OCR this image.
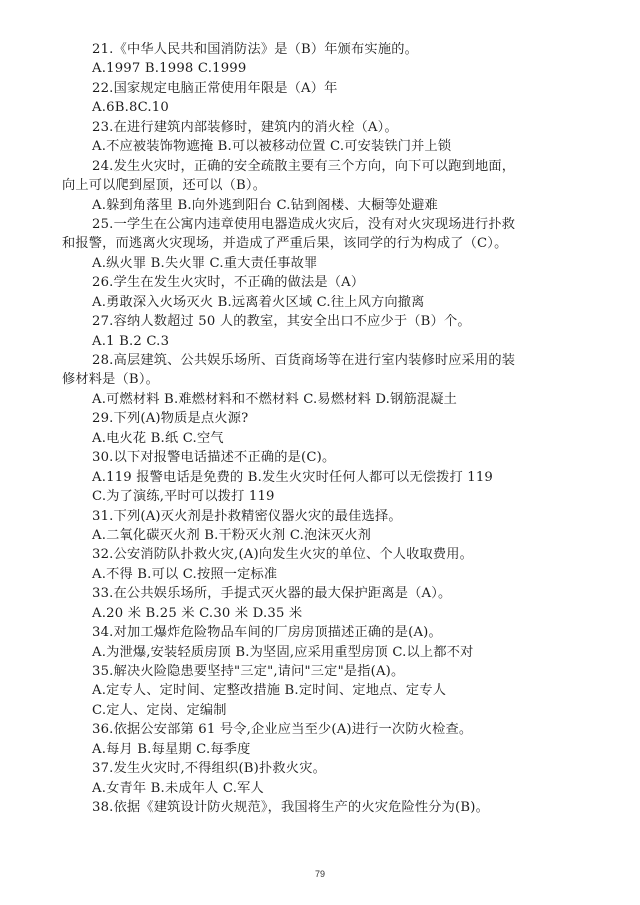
21.《中华人民共和国消防法》是（B）年颁布实施的。
A.1997 B.1998 C.1999
22.国家规定电脑正常使用年限是（A）年
A.6B.8C.10
23.在进行建筑内部装修时，建筑内的消火栓（A）。
A.不应被装饰物遮掩 B.可以被移动位置 C.可安装铁门并上锁
24.发生火灾时，正确的安全疏散主要有三个方向，向下可以跑到地面，
向上可以爬到屋顶，还可以（B）。
A.躲到角落里 B.向外逃到阳台 C.钻到阁楼、大橱等处避难
25.一学生在公寓内违章使用电器造成火灾后，没有对火灾现场进行扑救
和报警，而逃离火灾现场，并造成了严重后果，该同学的行为构成了（C）。
A.纵火罪 B.失火罪 C.重大责任事故罪
26.学生在发生火灾时，不正确的做法是（A）
A.勇敢深入火场灭火 B.远离着火区域 C.往上风方向撤离
27.容纳人数超过 50 人的教室，其安全出口不应少于（B）个。
A.1 B.2 C.3
28.高层建筑、公共娱乐场所、百货商场等在进行室内装修时应采用的装
修材料是（B）。
A.可燃材料 B.难燃材料和不燃材料 C.易燃材料 D.钢筋混凝土
29.下列(A)物质是点火源?
A.电火花 B.纸 C.空气
30.以下对报警电话描述不正确的是(C)。
A.119 报警电话是免费的 B.发生火灾时任何人都可以无偿拨打 119
C.为了演练,平时可以拨打 119
31.下列(A)灭火剂是扑救精密仪器火灾的最佳选择。
A.二氧化碳灭火剂 B.干粉灭火剂 C.泡沫灭火剂
32.公安消防队扑救火灾,(A)向发生火灾的单位、个人收取费用。
A.不得 B.可以 C.按照一定标准
33.在公共娱乐场所，手提式灭火器的最大保护距离是（A）。
A.20 米 B.25 米 C.30 米 D.35 米
34.对加工爆炸危险物品车间的厂房房顶描述正确的是(A)。
A.为泄爆,安装轻质房顶 B.为坚固,应采用重型房顶 C.以上都不对
35.解决火险隐患要坚持"三定",请问"三定"是指(A)。
A.定专人、定时间、定整改措施 B.定时间、定地点、定专人
C.定人、定岗、定编制
36.依据公安部第 61 号令,企业应当至少(A)进行一次防火检查。
A.每月 B.每星期 C.每季度
37.发生火灾时,不得组织(B)扑救火灾。
A.女青年 B.未成年人 C.军人
38.依据《建筑设计防火规范》，我国将生产的火灾危险性分为(B)。
79
